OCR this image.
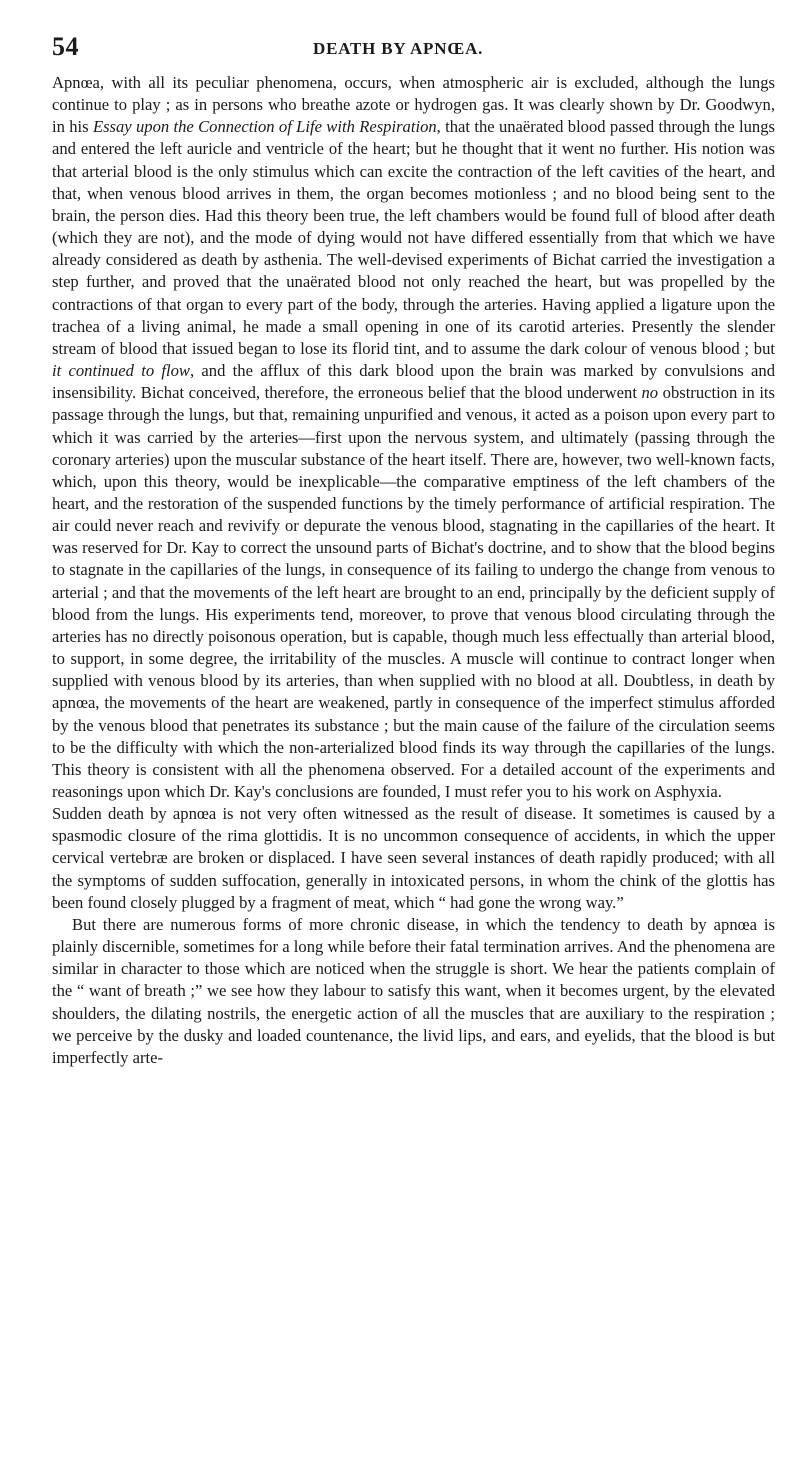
54	DEATH BY APNŒA.

Apnœa, with all its peculiar phenomena, occurs, when atmospheric air is excluded, although the lungs continue to play ; as in persons who breathe azote or hydrogen gas. It was clearly shown by Dr. Goodwyn, in his Essay upon the Connection of Life with Respiration, that the unaërated blood passed through the lungs and entered the left auricle and ventricle of the heart; but he thought that it went no further. His notion was that arterial blood is the only stimulus which can excite the contraction of the left cavities of the heart, and that, when venous blood arrives in them, the organ becomes motionless ; and no blood being sent to the brain, the person dies. Had this theory been true, the left chambers would be found full of blood after death (which they are not), and the mode of dying would not have differed essentially from that which we have already considered as death by asthenia. The well-devised experiments of Bichat carried the investigation a step further, and proved that the unaërated blood not only reached the heart, but was propelled by the contractions of that organ to every part of the body, through the arteries. Having applied a ligature upon the trachea of a living animal, he made a small opening in one of its carotid arteries. Presently the slender stream of blood that issued began to lose its florid tint, and to assume the dark colour of venous blood ; but it continued to flow, and the afflux of this dark blood upon the brain was marked by convulsions and insensibility. Bichat conceived, therefore, the erroneous belief that the blood underwent no obstruction in its passage through the lungs, but that, remaining unpurified and venous, it acted as a poison upon every part to which it was carried by the arteries—first upon the nervous system, and ultimately (passing through the coronary arteries) upon the muscular substance of the heart itself. There are, however, two well-known facts, which, upon this theory, would be inexplicable—the comparative emptiness of the left chambers of the heart, and the restoration of the suspended functions by the timely performance of artificial respiration. The air could never reach and revivify or depurate the venous blood, stagnating in the capillaries of the heart. It was reserved for Dr. Kay to correct the unsound parts of Bichat's doctrine, and to show that the blood begins to stagnate in the capillaries of the lungs, in consequence of its failing to undergo the change from venous to arterial ; and that the movements of the left heart are brought to an end, principally by the deficient supply of blood from the lungs. His experiments tend, moreover, to prove that venous blood circulating through the arteries has no directly poisonous operation, but is capable, though much less effectually than arterial blood, to support, in some degree, the irritability of the muscles. A muscle will continue to contract longer when supplied with venous blood by its arteries, than when supplied with no blood at all. Doubtless, in death by apnœa, the movements of the heart are weakened, partly in consequence of the imperfect stimulus afforded by the venous blood that penetrates its substance ; but the main cause of the failure of the circulation seems to be the difficulty with which the non-arterialized blood finds its way through the capillaries of the lungs. This theory is consistent with all the phenomena observed. For a detailed account of the experiments and reasonings upon which Dr. Kay's conclusions are founded, I must refer you to his work on Asphyxia.

Sudden death by apnœa is not very often witnessed as the result of disease. It sometimes is caused by a spasmodic closure of the rima glottidis. It is no uncommon consequence of accidents, in which the upper cervical vertebræ are broken or displaced. I have seen several instances of death rapidly produced; with all the symptoms of sudden suffocation, generally in intoxicated persons, in whom the chink of the glottis has been found closely plugged by a fragment of meat, which “ had gone the wrong way.”

But there are numerous forms of more chronic disease, in which the tendency to death by apnœa is plainly discernible, sometimes for a long while before their fatal termination arrives. And the phenomena are similar in character to those which are noticed when the struggle is short. We hear the patients complain of the “ want of breath ;” we see how they labour to satisfy this want, when it becomes urgent, by the elevated shoulders, the dilating nostrils, the energetic action of all the muscles that are auxiliary to the respiration ; we perceive by the dusky and loaded countenance, the livid lips, and ears, and eyelids, that the blood is but imperfectly arte-
